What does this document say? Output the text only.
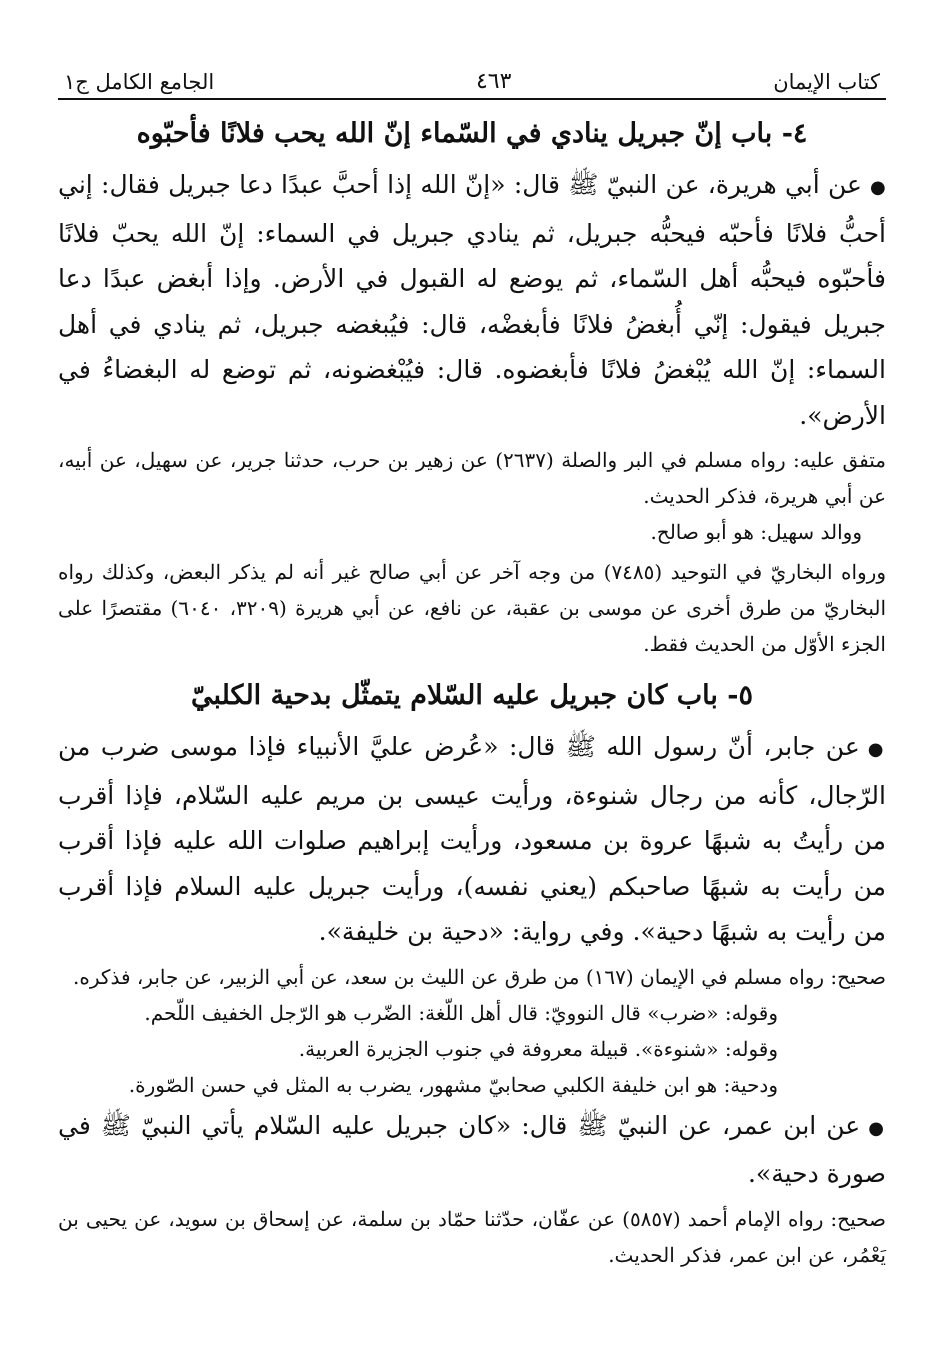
كتاب الإيمان
٤٦٣
الجامع الكامل ج١
٤- باب إنّ جبريل ينادي في السّماء إنّ الله يحب فلانًا فأحبّوه

●عن أبي هريرة، عن النبيّ ﷺ قال: «إنّ الله إذا أحبَّ عبدًا دعا جبريل فقال: إني أحبُّ فلانًا فأحبّه فيحبُّه جبريل، ثم ينادي جبريل في السماء: إنّ الله يحبّ فلانًا فأحبّوه فيحبُّه أهل السّماء، ثم يوضع له القبول في الأرض. وإذا أبغض عبدًا دعا جبريل فيقول: إنّي أُبغضُ فلانًا فأبغضْه، قال: فيُبغضه جبريل، ثم ينادي في أهل السماء: إنّ الله يُبْغضُ فلانًا فأبغضوه. قال: فيُبْغضونه، ثم توضع له البغضاءُ في الأرض».

متفق عليه: رواه مسلم في البر والصلة (٢٦٣٧) عن زهير بن حرب، حدثنا جرير، عن سهيل، عن أبيه، عن أبي هريرة، فذكر الحديث.

ووالد سهيل: هو أبو صالح.

ورواه البخاريّ في التوحيد (٧٤٨٥) من وجه آخر عن أبي صالح غير أنه لم يذكر البعض، وكذلك رواه البخاريّ من طرق أخرى عن موسى بن عقبة، عن نافع، عن أبي هريرة (٣٢٠٩، ٦٠٤٠) مقتصرًا على الجزء الأوّل من الحديث فقط.

٥- باب كان جبريل عليه السّلام يتمثّل بدحية الكلبيّ

●عن جابر، أنّ رسول الله ﷺ قال: «عُرض عليَّ الأنبياء فإذا موسى ضرب من الرّجال، كأنه من رجال شنوءة، ورأيت عيسى بن مريم عليه السّلام، فإذا أقرب من رأيتُ به شبهًا عروة بن مسعود، ورأيت إبراهيم صلوات الله عليه فإذا أقرب من رأيت به شبهًا صاحبكم (يعني نفسه)، ورأيت جبريل عليه السلام فإذا أقرب من رأيت به شبهًا دحية». وفي رواية: «دحية بن خليفة».

صحيح: رواه مسلم في الإيمان (١٦٧) من طرق عن الليث بن سعد، عن أبي الزبير، عن جابر، فذكره.

وقوله: «ضرب» قال النوويّ: قال أهل اللّغة: الضّرب هو الرّجل الخفيف اللّحم.

وقوله: «شنوءة». قبيلة معروفة في جنوب الجزيرة العربية.

ودحية: هو ابن خليفة الكلبي صحابيّ مشهور، يضرب به المثل في حسن الصّورة.

●عن ابن عمر، عن النبيّ ﷺ قال: «كان جبريل عليه السّلام يأتي النبيّ ﷺ في صورة دحية».

صحيح: رواه الإمام أحمد (٥٨٥٧) عن عفّان، حدّثنا حمّاد بن سلمة، عن إسحاق بن سويد، عن يحيى بن يَعْمُر، عن ابن عمر، فذكر الحديث.
